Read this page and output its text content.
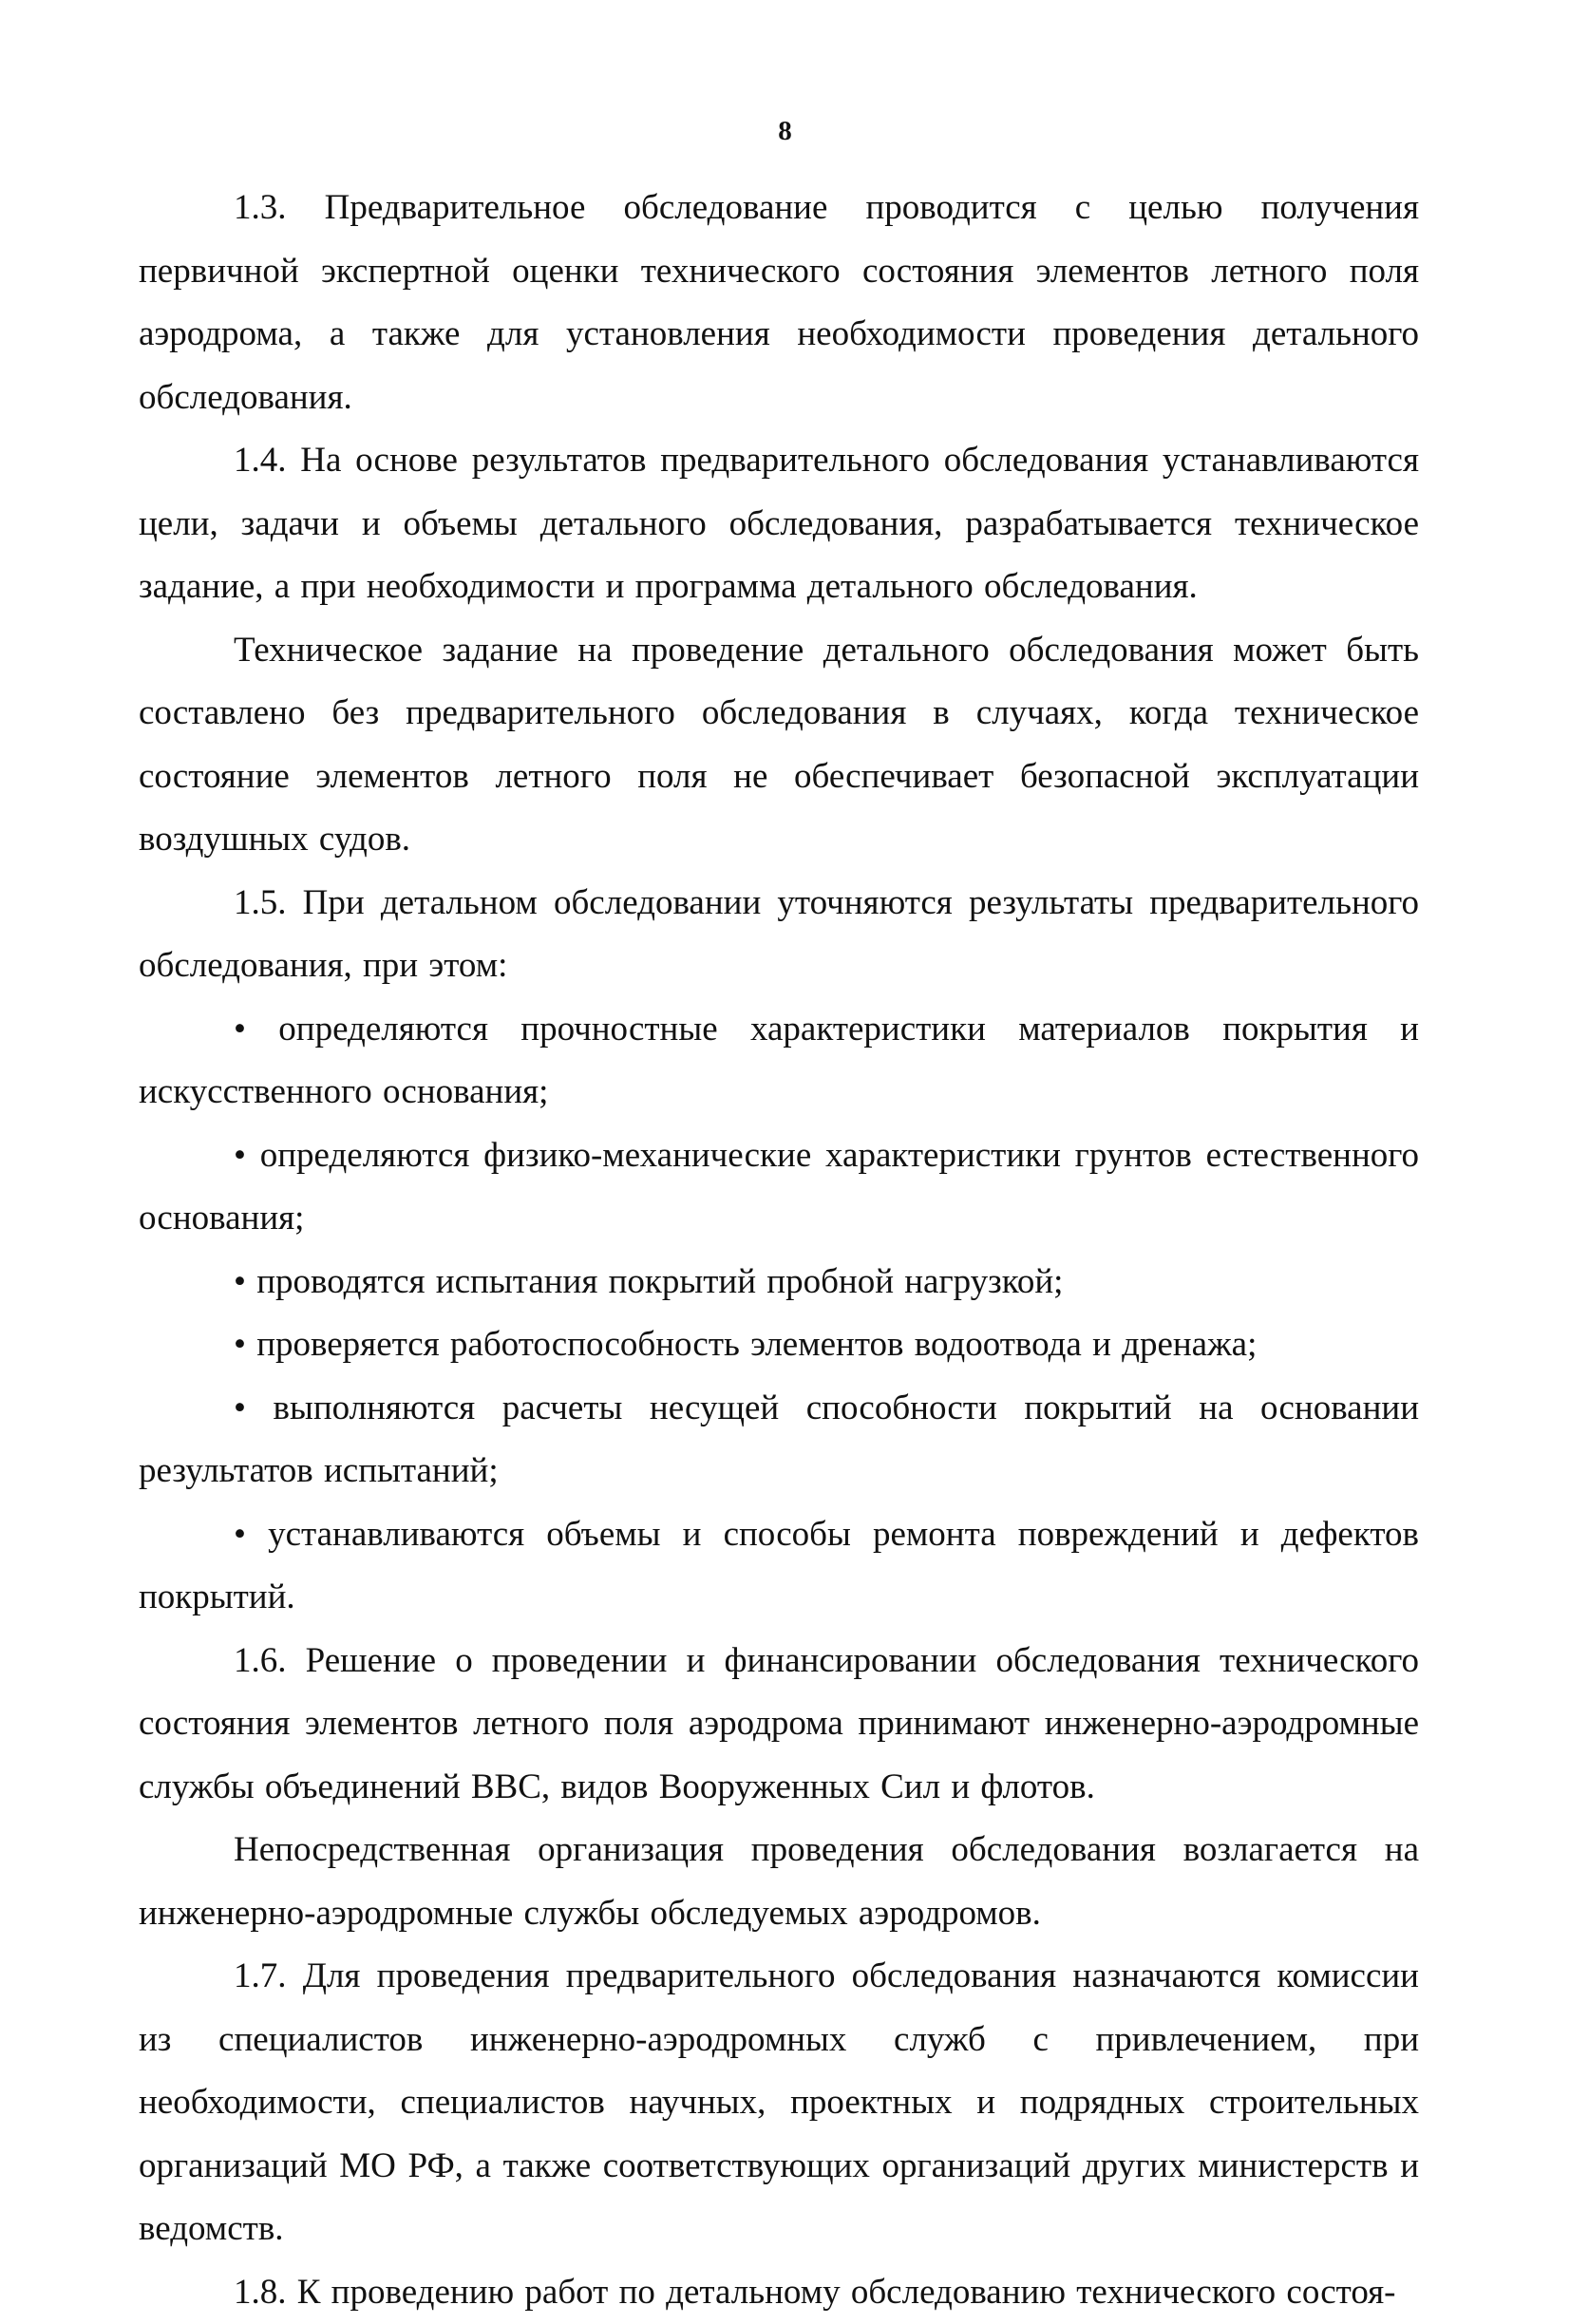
8

1.3. Предварительное обследование проводится с целью получения первичной экспертной оценки технического состояния элементов летного поля аэродрома, а также для установления необходимости проведения детального обследования.

1.4. На основе результатов предварительного обследования устанавливаются цели, задачи и объемы детального обследования, разрабатывается техническое задание, а при необходимости и программа детального обследования.

Техническое задание на проведение детального обследования может быть составлено без предварительного обследования в случаях, когда техническое состояние элементов летного поля не обеспечивает безопасной эксплуатации воздушных судов.

1.5. При детальном обследовании уточняются результаты предварительного обследования, при этом:

• определяются прочностные характеристики материалов покрытия и искусственного основания;

• определяются физико-механические характеристики грунтов естественного основания;

• проводятся испытания покрытий пробной нагрузкой;

• проверяется работоспособность элементов водоотвода и дренажа;

• выполняются расчеты несущей способности покрытий на основании результатов испытаний;

• устанавливаются объемы и способы ремонта повреждений и дефектов покрытий.

1.6. Решение о проведении и финансировании обследования технического состояния элементов летного поля аэродрома принимают инженерно-аэродромные службы объединений ВВС, видов Вооруженных Сил и флотов.

Непосредственная организация проведения обследования возлагается на инженерно-аэродромные службы обследуемых аэродромов.

1.7. Для проведения предварительного обследования назначаются комиссии из специалистов инженерно-аэродромных служб с привлечением, при необходимости, специалистов научных, проектных и подрядных строительных организаций МО РФ, а также соответствующих организаций других министерств и ведомств.

1.8. К проведению работ по детальному обследованию технического состоя-
